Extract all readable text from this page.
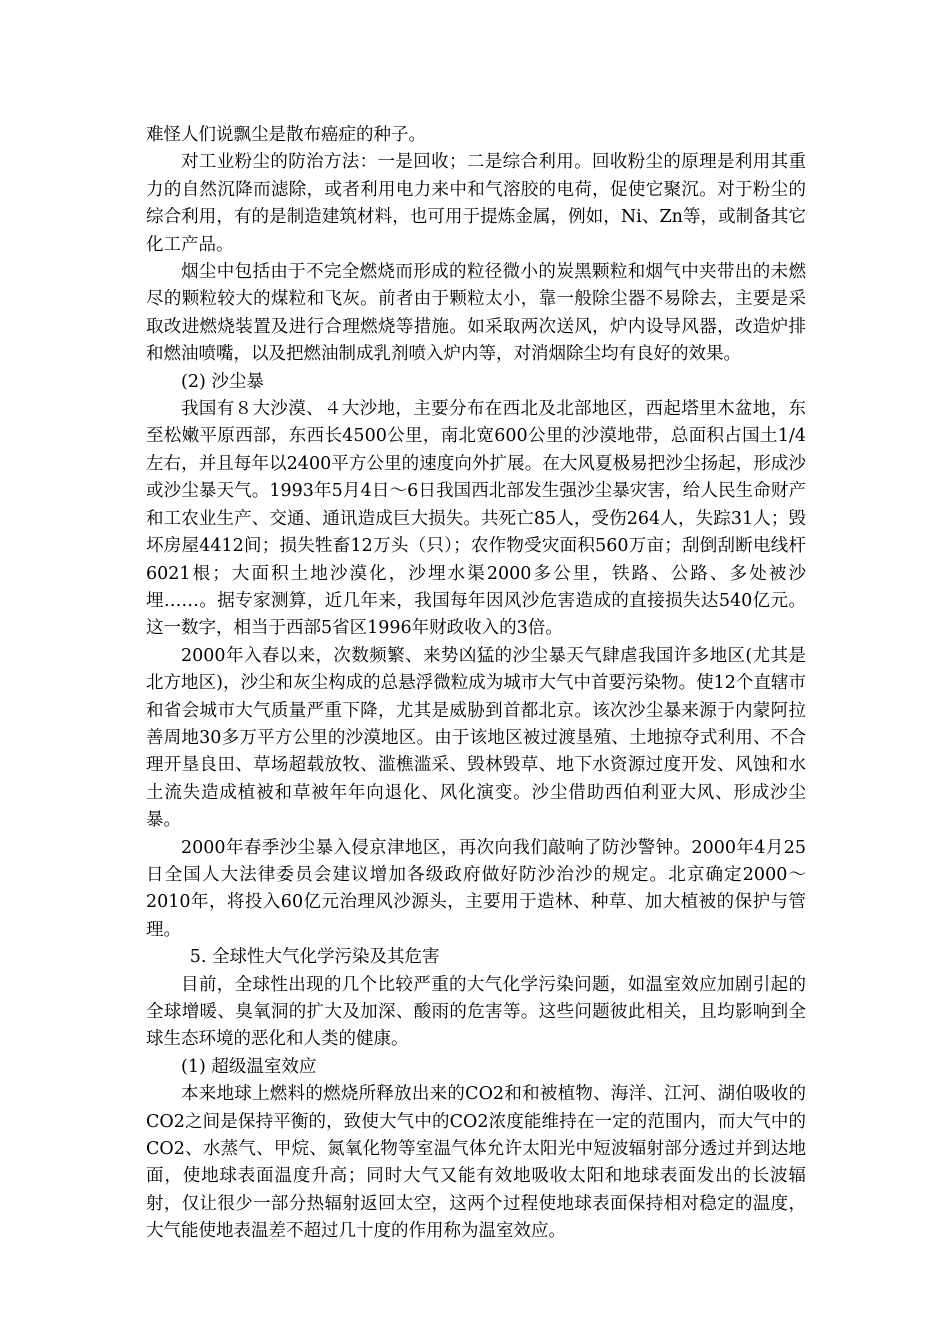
难怪人们说飘尘是散布癌症的种子。

对工业粉尘的防治方法：一是回收；二是综合利用。回收粉尘的原理是利用其重力的自然沉降而滤除，或者利用电力来中和气溶胶的电荷，促使它聚沉。对于粉尘的综合利用，有的是制造建筑材料，也可用于提炼金属，例如，Ni、Zn等，或制备其它化工产品。

烟尘中包括由于不完全燃烧而形成的粒径微小的炭黑颗粒和烟气中夹带出的未燃尽的颗粒较大的煤粒和飞灰。前者由于颗粒太小，靠一般除尘器不易除去，主要是采取改进燃烧装置及进行合理燃烧等措施。如采取两次送风，炉内设导风器，改造炉排和燃油喷嘴，以及把燃油制成乳剂喷入炉内等，对消烟除尘均有良好的效果。

(2) 沙尘暴

我国有８大沙漠、４大沙地，主要分布在西北及北部地区，西起塔里木盆地，东至松嫩平原西部，东西长4500公里，南北宽600公里的沙漠地带，总面积占国土1/4左右，并且每年以2400平方公里的速度向外扩展。在大风夏极易把沙尘扬起，形成沙或沙尘暴天气。1993年5月4日～6日我国西北部发生强沙尘暴灾害，给人民生命财产和工农业生产、交通、通讯造成巨大损失。共死亡85人，受伤264人，失踪31人；毁坏房屋4412间；损失牲畜12万头（只）；农作物受灾面积560万亩；刮倒刮断电线杆6021根；大面积土地沙漠化，沙埋水渠2000多公里，铁路、公路、多处被沙埋……。据专家测算，近几年来，我国每年因风沙危害造成的直接损失达540亿元。这一数字，相当于西部5省区1996年财政收入的3倍。

2000年入春以来，次数频繁、来势凶猛的沙尘暴天气肆虐我国许多地区(尤其是北方地区)，沙尘和灰尘构成的总悬浮微粒成为城市大气中首要污染物。使12个直辖市和省会城市大气质量严重下降，尤其是威胁到首都北京。该次沙尘暴来源于内蒙阿拉善周地30多万平方公里的沙漠地区。由于该地区被过渡垦殖、土地掠夺式利用、不合理开垦良田、草场超载放牧、滥樵滥采、毁林毁草、地下水资源过度开发、风蚀和水土流失造成植被和草被年年向退化、风化演变。沙尘借助西伯利亚大风、形成沙尘暴。

2000年春季沙尘暴入侵京津地区，再次向我们敲响了防沙警钟。2000年4月25日全国人大法律委员会建议增加各级政府做好防沙治沙的规定。北京确定2000～2010年，将投入60亿元治理风沙源头，主要用于造林、种草、加大植被的保护与管理。

5. 全球性大气化学污染及其危害

目前，全球性出现的几个比较严重的大气化学污染问题，如温室效应加剧引起的全球增暖、臭氧洞的扩大及加深、酸雨的危害等。这些问题彼此相关，且均影响到全球生态环境的恶化和人类的健康。

(1) 超级温室效应

本来地球上燃料的燃烧所释放出来的CO2和和被植物、海洋、江河、湖伯吸收的CO2之间是保持平衡的，致使大气中的CO2浓度能维持在一定的范围内，而大气中的CO2、水蒸气、甲烷、氮氧化物等室温气体允许太阳光中短波辐射部分透过并到达地面，使地球表面温度升高；同时大气又能有效地吸收太阳和地球表面发出的长波辐射，仅让很少一部分热辐射返回太空，这两个过程使地球表面保持相对稳定的温度，大气能使地表温差不超过几十度的作用称为温室效应。
